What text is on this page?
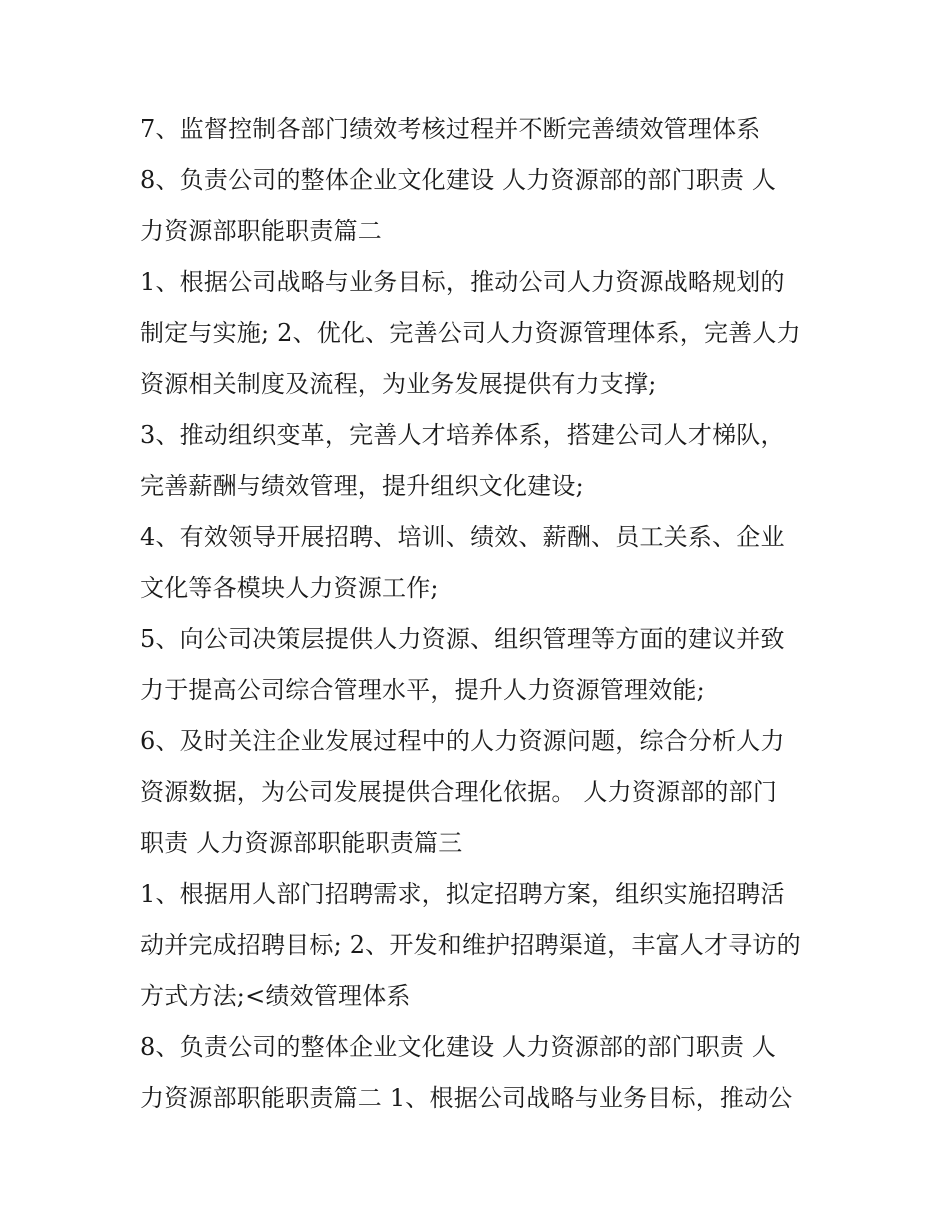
7、监督控制各部门绩效考核过程并不断完善绩效管理体系
8、负责公司的整体企业文化建设 人力资源部的部门职责 人
力资源部职能职责篇二
1、根据公司战略与业务目标，推动公司人力资源战略规划的
制定与实施; 2、优化、完善公司人力资源管理体系，完善人力
资源相关制度及流程，为业务发展提供有力支撑;
3、推动组织变革，完善人才培养体系，搭建公司人才梯队，
完善薪酬与绩效管理，提升组织文化建设;
4、有效领导开展招聘、培训、绩效、薪酬、员工关系、企业
文化等各模块人力资源工作;
5、向公司决策层提供人力资源、组织管理等方面的建议并致
力于提高公司综合管理水平，提升人力资源管理效能;
6、及时关注企业发展过程中的人力资源问题，综合分析人力
资源数据，为公司发展提供合理化依据。 人力资源部的部门
职责 人力资源部职能职责篇三
1、根据用人部门招聘需求，拟定招聘方案，组织实施招聘活
动并完成招聘目标; 2、开发和维护招聘渠道，丰富人才寻访的
方式方法;<绩效管理体系
8、负责公司的整体企业文化建设 人力资源部的部门职责 人
力资源部职能职责篇二 1、根据公司战略与业务目标，推动公
